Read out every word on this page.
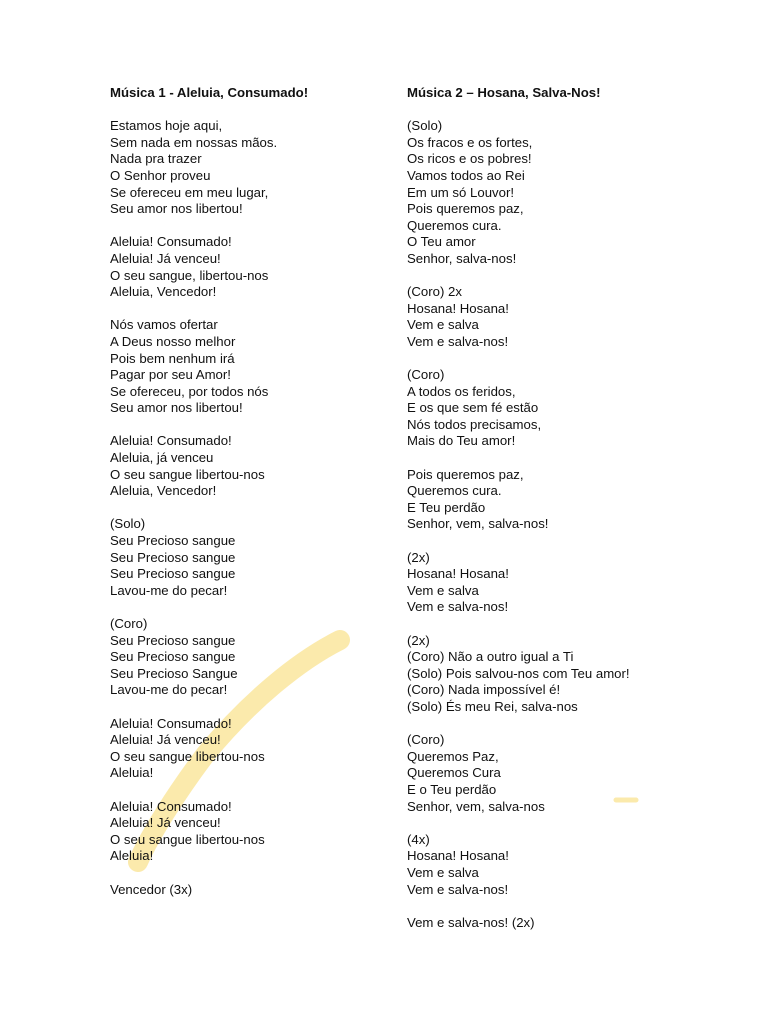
Música 1 - Aleluia, Consumado!
Estamos hoje aqui,
Sem nada em nossas mãos.
Nada pra trazer
O Senhor proveu
Se ofereceu em meu lugar,
Seu amor nos libertou!
Aleluia! Consumado!
Aleluia! Já venceu!
O seu sangue, libertou-nos
Aleluia, Vencedor!
Nós vamos ofertar
A Deus nosso melhor
Pois bem nenhum irá
Pagar por seu Amor!
Se ofereceu, por todos nós
Seu amor nos libertou!
Aleluia! Consumado!
Aleluia, já venceu
O seu sangue libertou-nos
Aleluia, Vencedor!
(Solo)
Seu Precioso sangue
Seu Precioso sangue
Seu Precioso sangue
Lavou-me do pecar!
(Coro)
Seu Precioso sangue
Seu Precioso sangue
Seu Precioso Sangue
Lavou-me do pecar!
Aleluia! Consumado!
Aleluia! Já venceu!
O seu sangue libertou-nos
Aleluia!
Aleluia! Consumado!
Aleluia! Já venceu!
O seu sangue libertou-nos
Aleluia!
Vencedor (3x)
Música 2 – Hosana, Salva-Nos!
(Solo)
Os fracos e os fortes,
Os ricos e os pobres!
Vamos todos ao Rei
Em um só Louvor!
Pois queremos paz,
Queremos cura.
O Teu amor
Senhor, salva-nos!
(Coro) 2x
Hosana! Hosana!
Vem e salva
Vem e salva-nos!
(Coro)
A todos os feridos,
E os que sem fé estão
Nós todos precisamos,
Mais do Teu amor!
Pois queremos paz,
Queremos cura.
E Teu perdão
Senhor, vem, salva-nos!
(2x)
Hosana! Hosana!
Vem e salva
Vem e salva-nos!
(2x)
(Coro) Não a outro igual a Ti
(Solo) Pois salvou-nos com Teu amor!
(Coro) Nada impossível é!
(Solo) És meu Rei, salva-nos
(Coro)
Queremos Paz,
Queremos Cura
E o Teu perdão
Senhor, vem, salva-nos
(4x)
Hosana! Hosana!
Vem e salva
Vem e salva-nos!
Vem e salva-nos! (2x)
